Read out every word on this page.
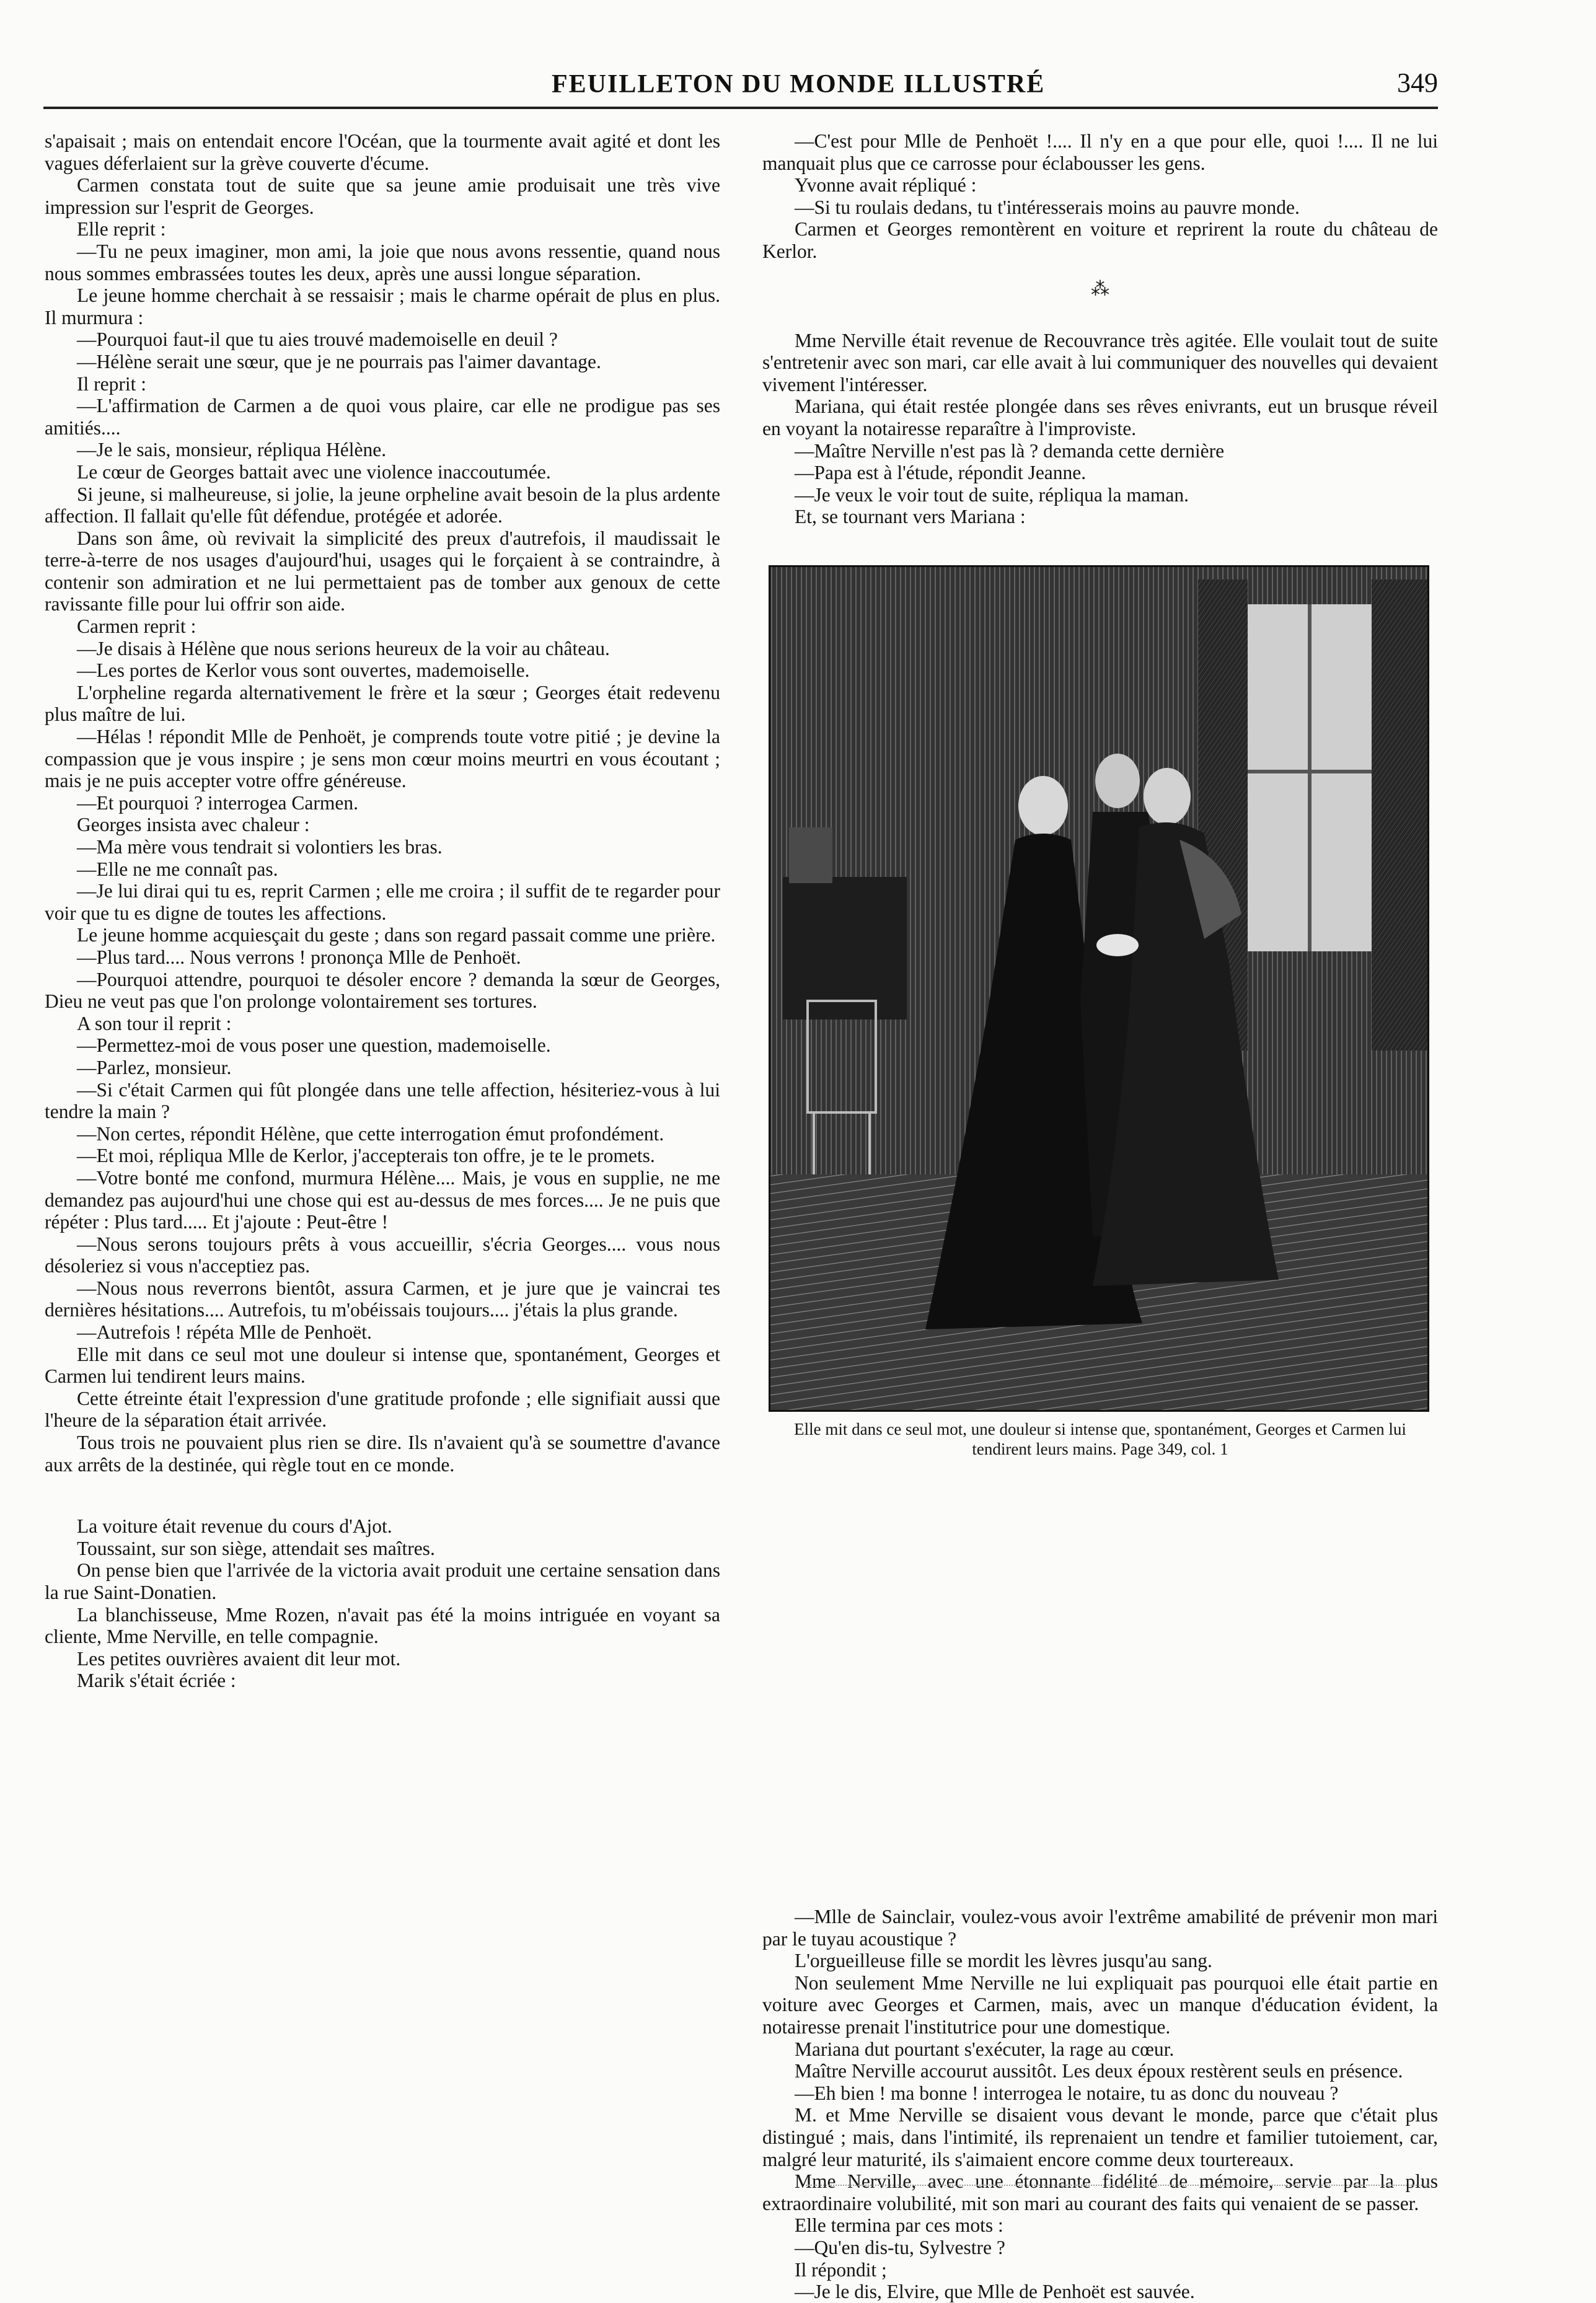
FEUILLETON DU MONDE ILLUSTRÉ	349

s'apaisait ; mais on entendait encore l'Océan, que la tourmente avait agité et dont les vagues déferlaient sur la grève couverte d'écume.

Carmen constata tout de suite que sa jeune amie produisait une très vive impression sur l'esprit de Georges.

Elle reprit :

—Tu ne peux imaginer, mon ami, la joie que nous avons ressentie, quand nous nous sommes embrassées toutes les deux, après une aussi longue séparation.

Le jeune homme cherchait à se ressaisir ; mais le charme opérait de plus en plus. Il murmura :

—Pourquoi faut-il que tu aies trouvé mademoiselle en deuil ?

—Hélène serait une sœur, que je ne pourrais pas l'aimer davantage.

Il reprit :

—L'affirmation de Carmen a de quoi vous plaire, car elle ne prodigue pas ses amitiés....

—Je le sais, monsieur, répliqua Hélène.

Le cœur de Georges battait avec une violence inaccoutumée.

Si jeune, si malheureuse, si jolie, la jeune orpheline avait besoin de la plus ardente affection. Il fallait qu'elle fût défendue, protégée et adorée.

Dans son âme, où revivait la simplicité des preux d'autrefois, il maudissait le terre-à-terre de nos usages d'aujourd'hui, usages qui le forçaient à se contraindre, à contenir son admiration et ne lui permettaient pas de tomber aux genoux de cette ravissante fille pour lui offrir son aide.

Carmen reprit :

—Je disais à Hélène que nous serions heureux de la voir au château.

—Les portes de Kerlor vous sont ouvertes, mademoiselle.

L'orpheline regarda alternativement le frère et la sœur ; Georges était redevenu plus maître de lui.

—Hélas ! répondit Mlle de Penhoët, je comprends toute votre pitié ; je devine la compassion que je vous inspire ; je sens mon cœur moins meurtri en vous écoutant ; mais je ne puis accepter votre offre généreuse.

—Et pourquoi ? interrogea Carmen.

Georges insista avec chaleur :

—Ma mère vous tendrait si volontiers les bras.

—Elle ne me connaît pas.

—Je lui dirai qui tu es, reprit Carmen ; elle me croira ; il suffit de te regarder pour voir que tu es digne de toutes les affections.

Le jeune homme acquiesçait du geste ; dans son regard passait comme une prière.

—Plus tard.... Nous verrons ! prononça Mlle de Penhoët.

—Pourquoi attendre, pourquoi te désoler encore ? demanda la sœur de Georges, Dieu ne veut pas que l'on prolonge volontairement ses tortures.

A son tour il reprit :

—Permettez-moi de vous poser une question, mademoiselle.

—Parlez, monsieur.

—Si c'était Carmen qui fût plongée dans une telle affection, hésiteriez-vous à lui tendre la main ?

—Non certes, répondit Hélène, que cette interrogation émut profondément.

—Et moi, répliqua Mlle de Kerlor, j'accepterais ton offre, je te le promets.

—Votre bonté me confond, murmura Hélène.... Mais, je vous en supplie, ne me demandez pas aujourd'hui une chose qui est au-dessus de mes forces.... Je ne puis que répéter : Plus tard..... Et j'ajoute : Peut-être !

—Nous serons toujours prêts à vous accueillir, s'écria Georges.... vous nous désoleriez si vous n'acceptiez pas.

—Nous nous reverrons bientôt, assura Carmen, et je jure que je vaincrai tes dernières hésitations.... Autrefois, tu m'obéissais toujours.... j'étais la plus grande.

—Autrefois ! répéta Mlle de Penhoët.

Elle mit dans ce seul mot une douleur si intense que, spontanément, Georges et Carmen lui tendirent leurs mains.

Cette étreinte était l'expression d'une gratitude profonde ; elle signifiait aussi que l'heure de la séparation était arrivée.

Tous trois ne pouvaient plus rien se dire. Ils n'avaient qu'à se soumettre d'avance aux arrêts de la destinée, qui règle tout en ce monde.

La voiture était revenue du cours d'Ajot.

Toussaint, sur son siège, attendait ses maîtres.

On pense bien que l'arrivée de la victoria avait produit une certaine sensation dans la rue Saint-Donatien.

La blanchisseuse, Mme Rozen, n'avait pas été la moins intriguée en voyant sa cliente, Mme Nerville, en telle compagnie.

Les petites ouvrières avaient dit leur mot.

Marik s'était écriée :

—C'est pour Mlle de Penhoët !.... Il n'y en a que pour elle, quoi !.... Il ne lui manquait plus que ce carrosse pour éclabousser les gens.

Yvonne avait répliqué :

—Si tu roulais dedans, tu t'intéresserais moins au pauvre monde.

Carmen et Georges remontèrent en voiture et reprirent la route du château de Kerlor.

⁂

Mme Nerville était revenue de Recouvrance très agitée. Elle voulait tout de suite s'entretenir avec son mari, car elle avait à lui communiquer des nouvelles qui devaient vivement l'intéresser.

Mariana, qui était restée plongée dans ses rêves enivrants, eut un brusque réveil en voyant la notairesse reparaître à l'improviste.

—Maître Nerville n'est pas là ? demanda cette dernière

—Papa est à l'étude, répondit Jeanne.

—Je veux le voir tout de suite, répliqua la maman.

Et, se tournant vers Mariana :

Elle mit dans ce seul mot, une douleur si intense que, spontanément, Georges et Carmen lui tendirent leurs mains. Page 349, col. 1

—Mlle de Sainclair, voulez-vous avoir l'extrême amabilité de prévenir mon mari par le tuyau acoustique ?

L'orgueilleuse fille se mordit les lèvres jusqu'au sang.

Non seulement Mme Nerville ne lui expliquait pas pourquoi elle était partie en voiture avec Georges et Carmen, mais, avec un manque d'éducation évident, la notairesse prenait l'institutrice pour une domestique.

Mariana dut pourtant s'exécuter, la rage au cœur.

Maître Nerville accourut aussitôt. Les deux époux restèrent seuls en présence.

—Eh bien ! ma bonne ! interrogea le notaire, tu as donc du nouveau ?

M. et Mme Nerville se disaient vous devant le monde, parce que c'était plus distingué ; mais, dans l'intimité, ils reprenaient un tendre et familier tutoiement, car, malgré leur maturité, ils s'aimaient encore comme deux tourtereaux.

Mme Nerville, avec une étonnante fidélité de mémoire, servie par la plus extraordinaire volubilité, mit son mari au courant des faits qui venaient de se passer.

Elle termina par ces mots :

—Qu'en dis-tu, Sylvestre ?

Il répondit ;

—Je le dis, Elvire, que Mlle de Penhoët est sauvée.
